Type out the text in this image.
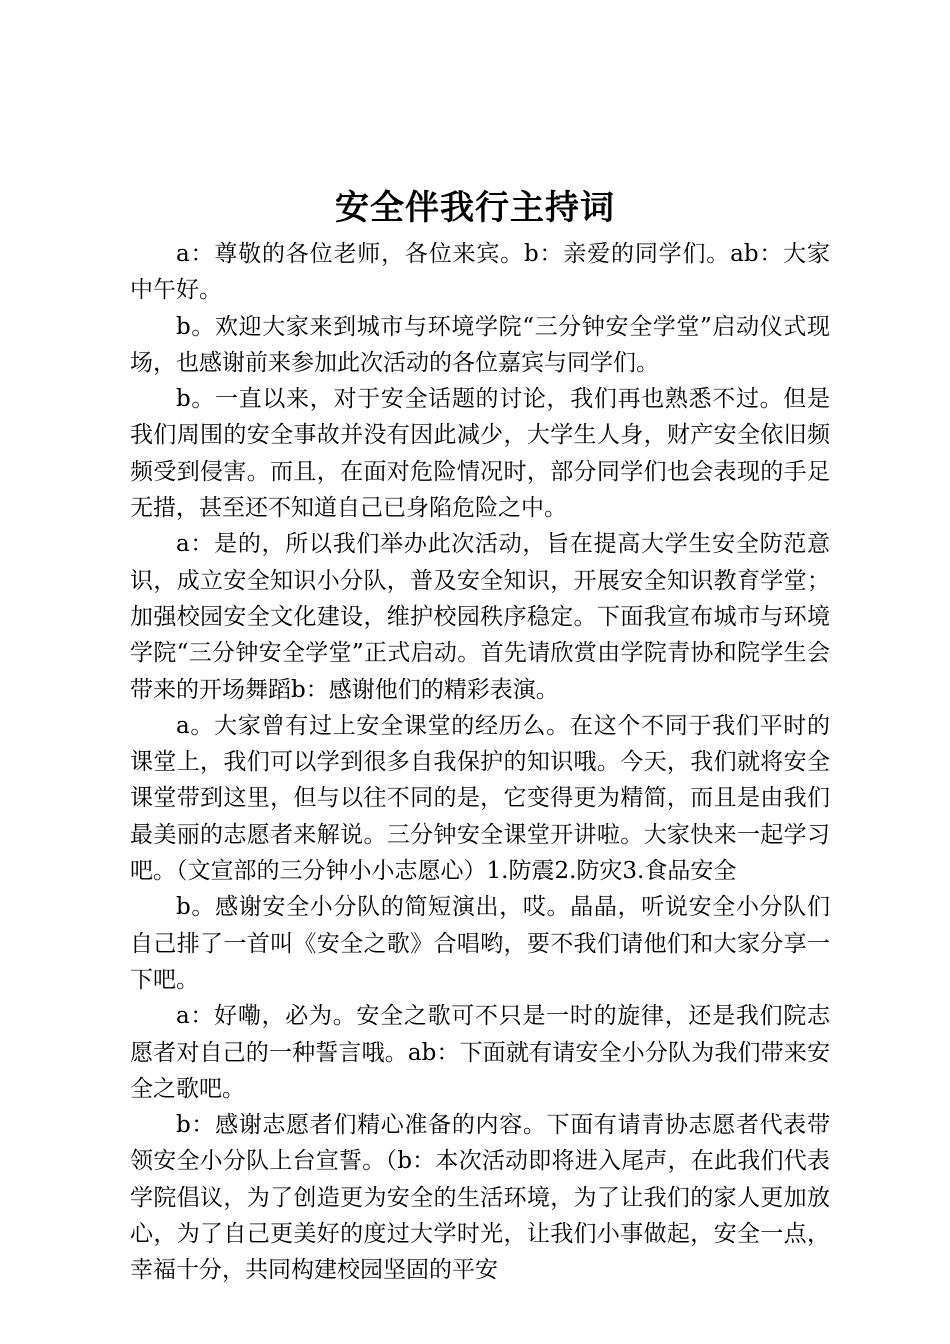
安全伴我行主持词

a：尊敬的各位老师，各位来宾。b：亲爱的同学们。ab：大家中午好。

b。欢迎大家来到城市与环境学院“三分钟安全学堂”启动仪式现场，也感谢前来参加此次活动的各位嘉宾与同学们。

b。一直以来，对于安全话题的讨论，我们再也熟悉不过。但是我们周围的安全事故并没有因此减少，大学生人身，财产安全依旧频频受到侵害。而且，在面对危险情况时，部分同学们也会表现的手足无措，甚至还不知道自己已身陷危险之中。

a：是的，所以我们举办此次活动，旨在提高大学生安全防范意识，成立安全知识小分队，普及安全知识，开展安全知识教育学堂；加强校园安全文化建设，维护校园秩序稳定。下面我宣布城市与环境学院“三分钟安全学堂”正式启动。首先请欣赏由学院青协和院学生会带来的开场舞蹈b：感谢他们的精彩表演。

a。大家曾有过上安全课堂的经历么。在这个不同于我们平时的课堂上，我们可以学到很多自我保护的知识哦。今天，我们就将安全课堂带到这里，但与以往不同的是，它变得更为精简，而且是由我们最美丽的志愿者来解说。三分钟安全课堂开讲啦。大家快来一起学习吧。（文宣部的三分钟小小志愿心）1.防震2.防灾3.食品安全

b。感谢安全小分队的简短演出，哎。晶晶，听说安全小分队们自己排了一首叫《安全之歌》合唱哟，要不我们请他们和大家分享一下吧。

a：好嘞，必为。安全之歌可不只是一时的旋律，还是我们院志愿者对自己的一种誓言哦。ab：下面就有请安全小分队为我们带来安全之歌吧。

b：感谢志愿者们精心准备的内容。下面有请青协志愿者代表带领安全小分队上台宣誓。（b：本次活动即将进入尾声，在此我们代表学院倡议，为了创造更为安全的生活环境，为了让我们的家人更加放心，为了自己更美好的度过大学时光，让我们小事做起，安全一点，幸福十分，共同构建校园坚固的平安
